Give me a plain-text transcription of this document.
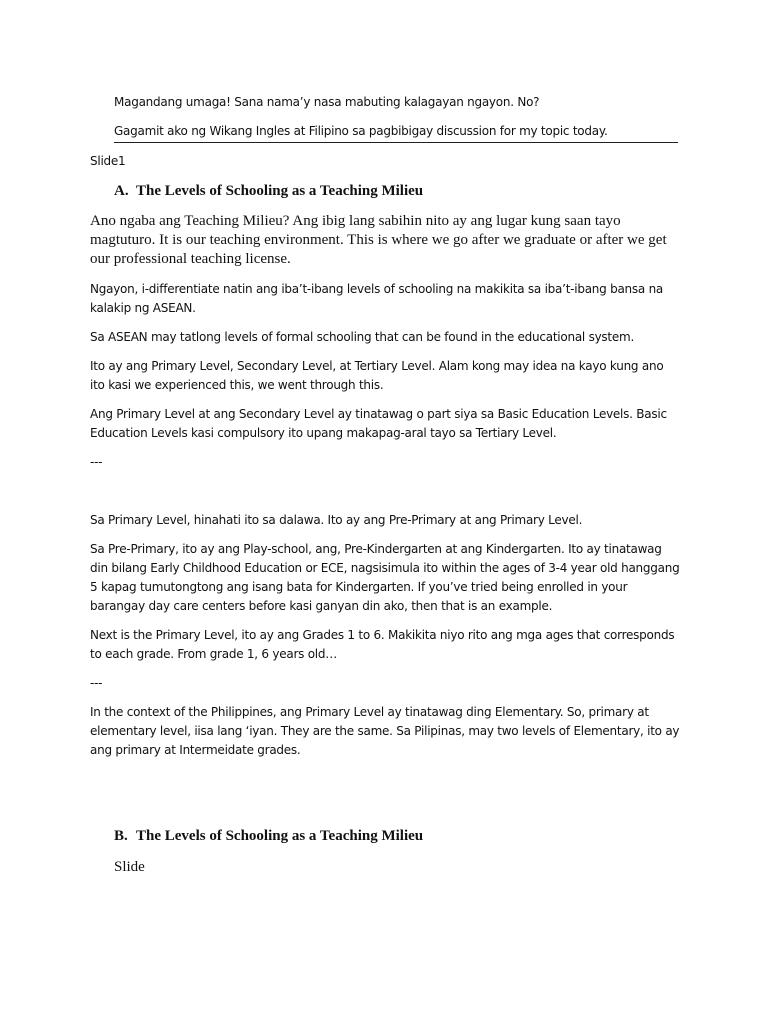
Magandang umaga! Sana nama’y nasa mabuting kalagayan ngayon. No?

Gagamit ako ng Wikang Ingles at Filipino sa pagbibigay discussion for my topic today.

Slide1

A. The Levels of Schooling as a Teaching Milieu

Ano ngaba ang Teaching Milieu? Ang ibig lang sabihin nito ay ang lugar kung saan tayo magtuturo. It is our teaching environment. This is where we go after we graduate or after we get our professional teaching license.

Ngayon, i-differentiate natin ang iba’t-ibang levels of schooling na makikita sa iba’t-ibang bansa na kalakip ng ASEAN.

Sa ASEAN may tatlong levels of formal schooling that can be found in the educational system.

Ito ay ang Primary Level, Secondary Level, at Tertiary Level. Alam kong may idea na kayo kung ano ito kasi we experienced this, we went through this.

Ang Primary Level at ang Secondary Level ay tinatawag o part siya sa Basic Education Levels. Basic Education Levels kasi compulsory ito upang makapag-aral tayo sa Tertiary Level.

---

Sa Primary Level, hinahati ito sa dalawa. Ito ay ang Pre-Primary at ang Primary Level.

Sa Pre-Primary, ito ay ang Play-school, ang, Pre-Kindergarten at ang Kindergarten. Ito ay tinatawag din bilang Early Childhood Education or ECE, nagsisimula ito within the ages of 3-4 year old hanggang 5 kapag tumutongtong ang isang bata for Kindergarten. If you’ve tried being enrolled in your barangay day care centers before kasi ganyan din ako, then that is an example.

Next is the Primary Level, ito ay ang Grades 1 to 6. Makikita niyo rito ang mga ages that corresponds to each grade. From grade 1, 6 years old…

---

In the context of the Philippines, ang Primary Level ay tinatawag ding Elementary. So, primary at elementary level, iisa lang ‘iyan. They are the same. Sa Pilipinas, may two levels of Elementary, ito ay ang primary at Intermeidate grades.

B. The Levels of Schooling as a Teaching Milieu

Slide
